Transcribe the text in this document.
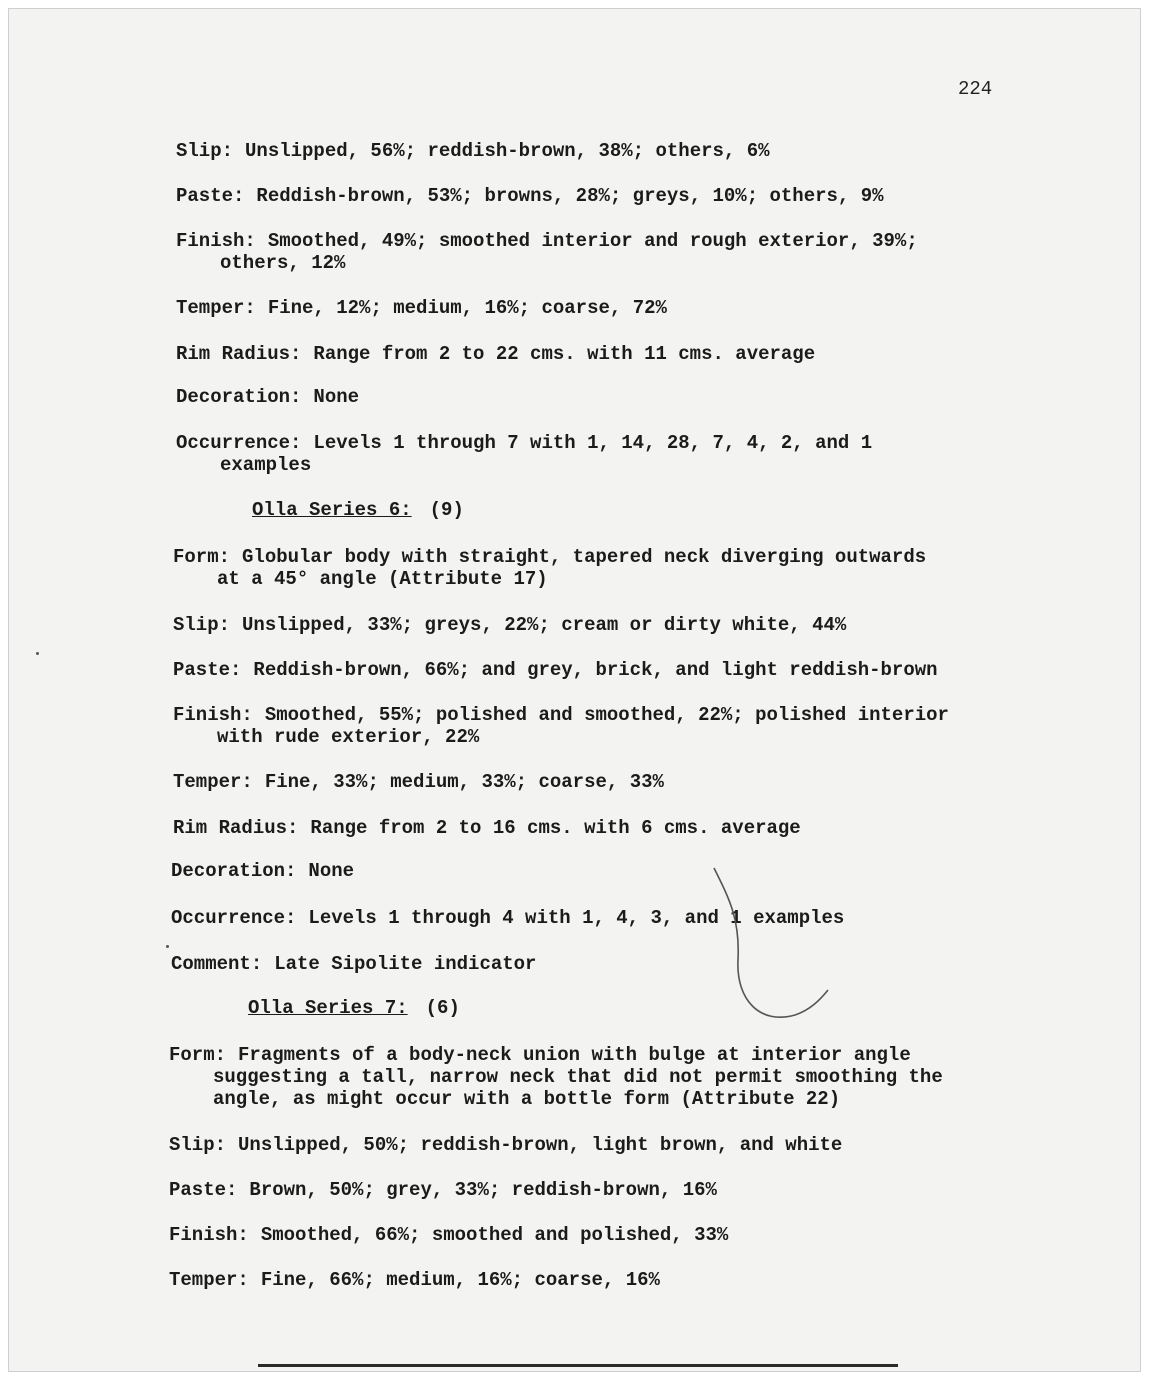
224

Slip: Unslipped, 56%; reddish-brown, 38%; others, 6%

Paste: Reddish-brown, 53%; browns, 28%; greys, 10%; others, 9%

Finish: Smoothed, 49%; smoothed interior and rough exterior, 39%;
others, 12%

Temper: Fine, 12%; medium, 16%; coarse, 72%

Rim Radius: Range from 2 to 22 cms. with 11 cms. average

Decoration: None

Occurrence: Levels 1 through 7 with 1, 14, 28, 7, 4, 2, and 1
examples

Olla Series 6: (9)

Form: Globular body with straight, tapered neck diverging outwards
at a 45° angle (Attribute 17)

Slip: Unslipped, 33%; greys, 22%; cream or dirty white, 44%

Paste: Reddish-brown, 66%; and grey, brick, and light reddish-brown

Finish: Smoothed, 55%; polished and smoothed, 22%; polished interior
with rude exterior, 22%

Temper: Fine, 33%; medium, 33%; coarse, 33%

Rim Radius: Range from 2 to 16 cms. with 6 cms. average

Decoration: None

Occurrence: Levels 1 through 4 with 1, 4, 3, and 1 examples

Comment: Late Sipolite indicator

Olla Series 7: (6)

Form: Fragments of a body-neck union with bulge at interior angle
suggesting a tall, narrow neck that did not permit smoothing the
angle, as might occur with a bottle form (Attribute 22)

Slip: Unslipped, 50%; reddish-brown, light brown, and white

Paste: Brown, 50%; grey, 33%; reddish-brown, 16%

Finish: Smoothed, 66%; smoothed and polished, 33%

Temper: Fine, 66%; medium, 16%; coarse, 16%
